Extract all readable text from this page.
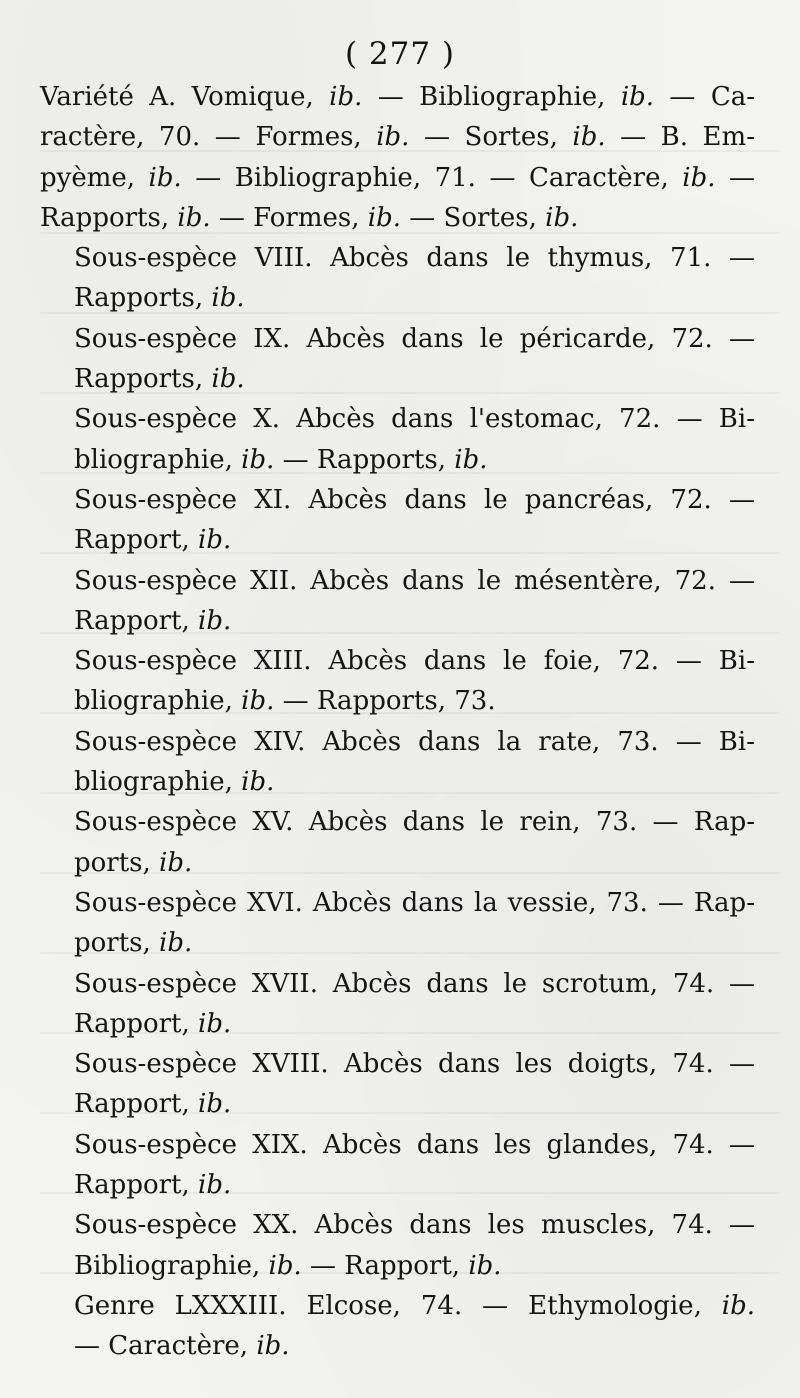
( 277 )
Variété A. Vomique, ib. — Bibliographie, ib. — Ca-
ractère, 70. — Formes, ib. — Sortes, ib. — B. Em-
pyème, ib. — Bibliographie, 71. — Caractère, ib. —
Rapports, ib. — Formes, ib. — Sortes, ib.
Sous-espèce VIII. Abcès dans le thymus, 71. —
Rapports, ib.
Sous-espèce IX. Abcès dans le péricarde, 72. —
Rapports, ib.
Sous-espèce X. Abcès dans l'estomac, 72. — Bi-
bliographie, ib. — Rapports, ib.
Sous-espèce XI. Abcès dans le pancréas, 72. —
Rapport, ib.
Sous-espèce XII. Abcès dans le mésentère, 72. —
Rapport, ib.
Sous-espèce XIII. Abcès dans le foie, 72. — Bi-
bliographie, ib. — Rapports, 73.
Sous-espèce XIV. Abcès dans la rate, 73. — Bi-
bliographie, ib.
Sous-espèce XV. Abcès dans le rein, 73. — Rap-
ports, ib.
Sous-espèce XVI. Abcès dans la vessie, 73. — Rap-
ports, ib.
Sous-espèce XVII. Abcès dans le scrotum, 74. —
Rapport, ib.
Sous-espèce XVIII. Abcès dans les doigts, 74. —
Rapport, ib.
Sous-espèce XIX. Abcès dans les glandes, 74. —
Rapport, ib.
Sous-espèce XX. Abcès dans les muscles, 74. —
Bibliographie, ib. — Rapport, ib.
Genre LXXXIII. Elcose, 74. — Ethymologie, ib.
— Caractère, ib.
